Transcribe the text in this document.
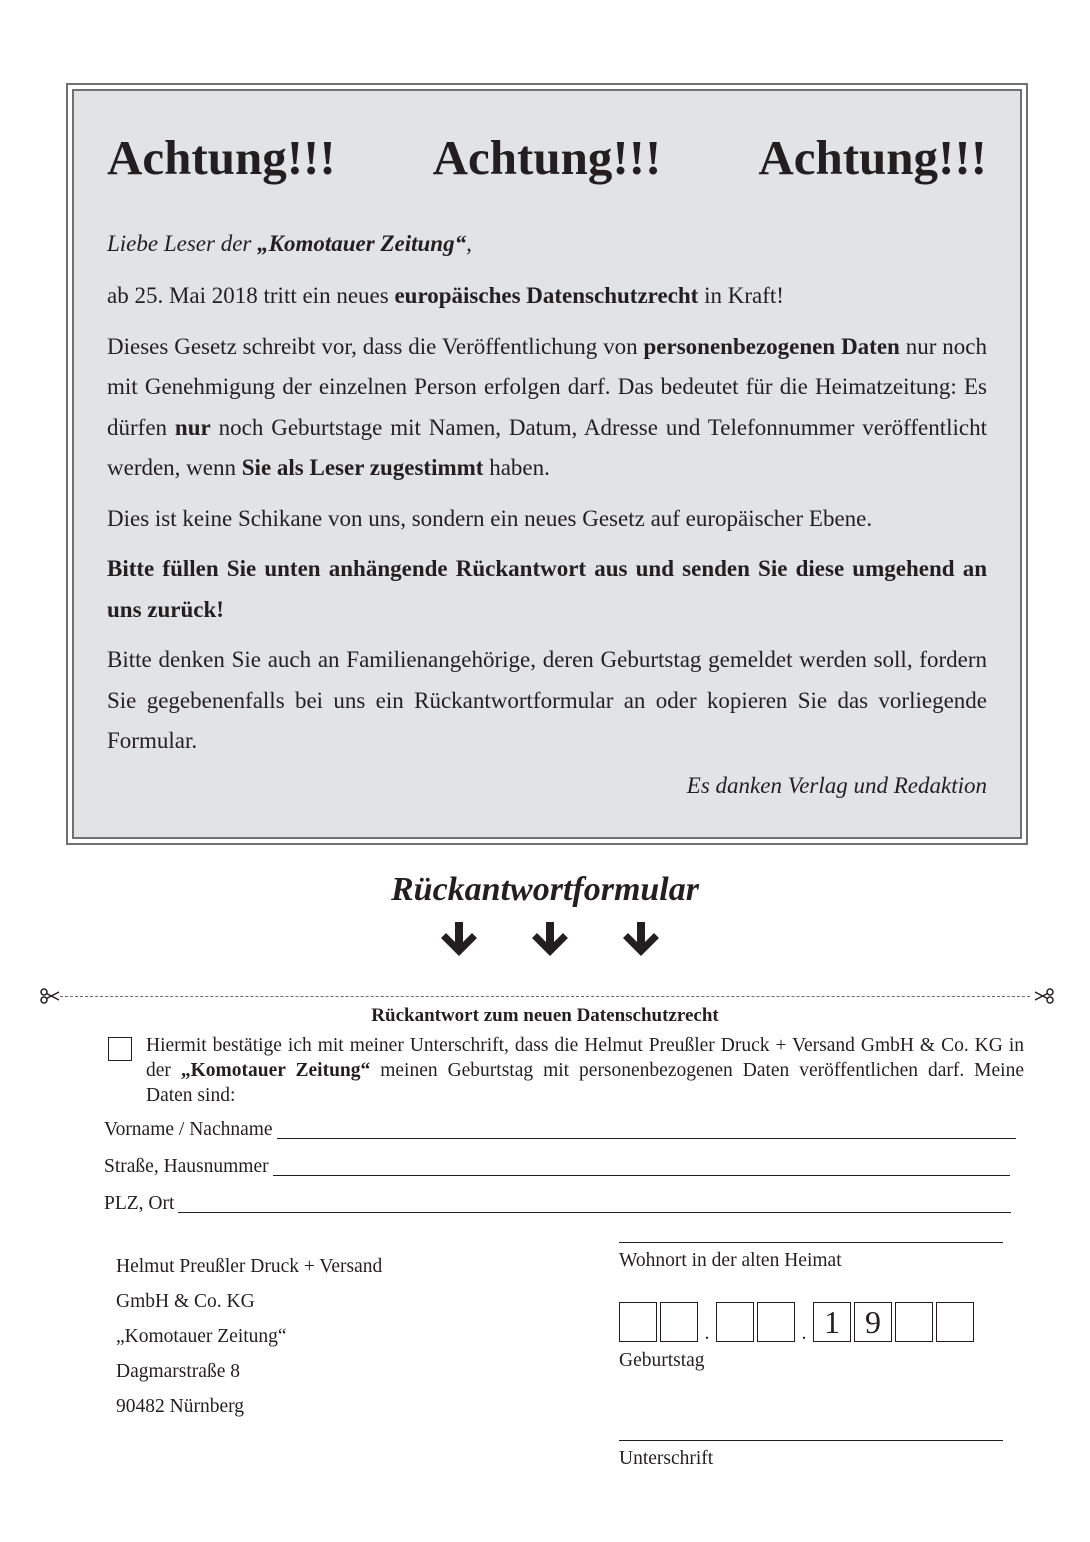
Achtung!!! Achtung!!! Achtung!!!
Liebe Leser der „Komotauer Zeitung“,

ab 25. Mai 2018 tritt ein neues europäisches Datenschutzrecht in Kraft!

Dieses Gesetz schreibt vor, dass die Veröffentlichung von personenbezogenen Daten nur noch mit Genehmigung der einzelnen Person erfolgen darf. Das bedeutet für die Heimatzeitung: Es dürfen nur noch Geburtstage mit Namen, Datum, Adresse und Telefonnummer veröffentlicht werden, wenn Sie als Leser zugestimmt haben.

Dies ist keine Schikane von uns, sondern ein neues Gesetz auf europäischer Ebene.

Bitte füllen Sie unten anhängende Rückantwort aus und senden Sie diese umgehend an uns zurück!

Bitte denken Sie auch an Familienangehörige, deren Geburtstag gemeldet werden soll, fordern Sie gegebenenfalls bei uns ein Rückantwortformular an oder kopieren Sie das vorliegende Formular.

Es danken Verlag und Redaktion
Rückantwortformular
Rückantwort zum neuen Datenschutzrecht
Hiermit bestätige ich mit meiner Unterschrift, dass die Helmut Preußler Druck + Versand GmbH & Co. KG in der „Komotauer Zeitung“ meinen Geburtstag mit personenbezogenen Daten veröffentlichen darf. Meine Daten sind:
Vorname / Nachname
Straße, Hausnummer
PLZ, Ort
Helmut Preußler Druck + Versand
GmbH & Co. KG
„Komotauer Zeitung“
Dagmarstraße 8
90482 Nürnberg
Wohnort in der alten Heimat
.	. 1 9
Geburtstag
Unterschrift
